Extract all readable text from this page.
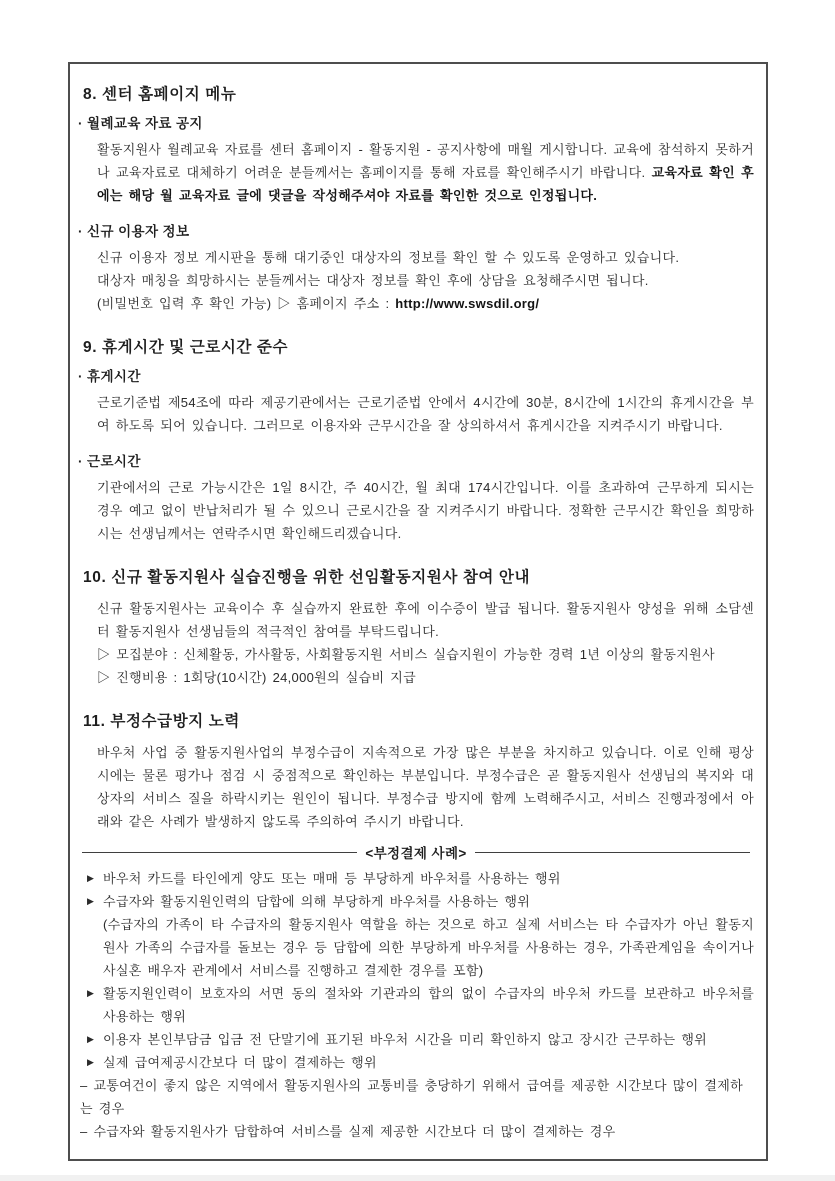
8. 센터 홈페이지 메뉴
· 월례교육 자료 공지

활동지원사 월례교육 자료를 센터 홈페이지 - 활동지원 - 공지사항에 매월 게시합니다. 교육에 참석하지 못하거나 교육자료로 대체하기 어려운 분들께서는 홈페이지를 통해 자료를 확인해주시기 바랍니다. 교육자료 확인 후에는 해당 월 교육자료 글에 댓글을 작성해주셔야 자료를 확인한 것으로 인정됩니다.

· 신규 이용자 정보

신규 이용자 정보 게시판을 통해 대기중인 대상자의 정보를 확인 할 수 있도록 운영하고 있습니다.

대상자 매칭을 희망하시는 분들께서는 대상자 정보를 확인 후에 상담을 요청해주시면 됩니다.

(비밀번호 입력 후 확인 가능) ▷ 홈페이지 주소 : http://www.swsdil.org/

9. 휴게시간 및 근로시간 준수
· 휴게시간

근로기준법 제54조에 따라 제공기관에서는 근로기준법 안에서 4시간에 30분, 8시간에 1시간의 휴게시간을 부여 하도록 되어 있습니다. 그러므로 이용자와 근무시간을 잘 상의하셔서 휴게시간을 지켜주시기 바랍니다.

· 근로시간

기관에서의 근로 가능시간은 1일 8시간, 주 40시간, 월 최대 174시간입니다. 이를 초과하여 근무하게 되시는 경우 예고 없이 반납처리가 될 수 있으니 근로시간을 잘 지켜주시기 바랍니다. 정확한 근무시간 확인을 희망하시는 선생님께서는 연락주시면 확인해드리겠습니다.

10. 신규 활동지원사 실습진행을 위한 선임활동지원사 참여 안내

신규 활동지원사는 교육이수 후 실습까지 완료한 후에 이수증이 발급 됩니다. 활동지원사 양성을 위해 소담센터 활동지원사 선생님들의 적극적인 참여를 부탁드립니다.

▷ 모집분야 : 신체활동, 가사활동, 사회활동지원 서비스 실습지원이 가능한 경력 1년 이상의 활동지원사

▷ 진행비용 : 1회당(10시간) 24,000원의 실습비 지급

11. 부정수급방지 노력

바우처 사업 중 활동지원사업의 부정수급이 지속적으로 가장 많은 부분을 차지하고 있습니다. 이로 인해 평상시에는 물론 평가나 점검 시 중점적으로 확인하는 부분입니다. 부정수급은 곧 활동지원사 선생님의 복지와 대상자의 서비스 질을 하락시키는 원인이 됩니다. 부정수급 방지에 함께 노력해주시고, 서비스 진행과정에서 아래와 같은 사례가 발생하지 않도록 주의하여 주시기 바랍니다.

<부정결제 사례>
▶ 바우처 카드를 타인에게 양도 또는 매매 등 부당하게 바우처를 사용하는 행위
▶ 수급자와 활동지원인력의 담합에 의해 부당하게 바우처를 사용하는 행위
(수급자의 가족이 타 수급자의 활동지원사 역할을 하는 것으로 하고 실제 서비스는 타 수급자가 아닌 활동지원사 가족의 수급자를 돌보는 경우 등 담합에 의한 부당하게 바우처를 사용하는 경우, 가족관계임을 속이거나 사실혼 배우자 관계에서 서비스를 진행하고 결제한 경우를 포함)
▶ 활동지원인력이 보호자의 서면 동의 절차와 기관과의 합의 없이 수급자의 바우처 카드를 보관하고 바우처를 사용하는 행위
▶ 이용자 본인부담금 입금 전 단말기에 표기된 바우처 시간을 미리 확인하지 않고 장시간 근무하는 행위
▶ 실제 급여제공시간보다 더 많이 결제하는 행위
– 교통여건이 좋지 않은 지역에서 활동지원사의 교통비를 충당하기 위해서 급여를 제공한 시간보다 많이 결제하는 경우
– 수급자와 활동지원사가 담합하여 서비스를 실제 제공한 시간보다 더 많이 결제하는 경우
